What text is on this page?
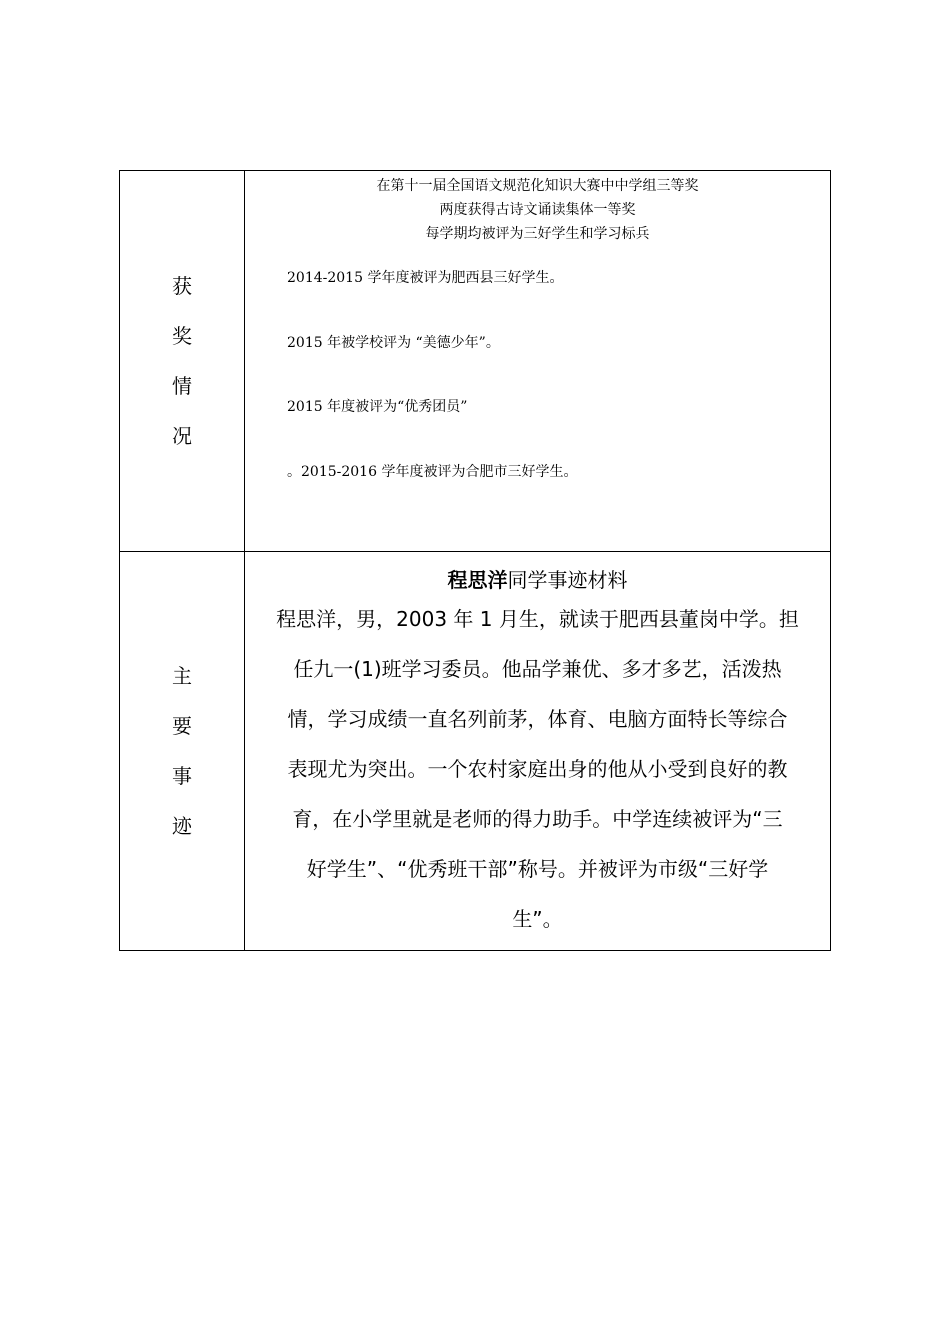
获
奖
情
况
在第十一届全国语文规范化知识大赛中中学组三等奖
两度获得古诗文诵读集体一等奖
每学期均被评为三好学生和学习标兵
2014-2015 学年度被评为肥西县三好学生。
2015 年被学校评为 “美德少年”。
2015 年度被评为“优秀团员”
。2015-2016 学年度被评为合肥市三好学生。
主
要
事
迹
程思洋同学事迹材料
程思洋，男，2003 年 1 月生，就读于肥西县董岗中学。担
任九一(1)班学习委员。他品学兼优、多才多艺，活泼热
情，学习成绩一直名列前茅，体育、电脑方面特长等综合
表现尤为突出。一个农村家庭出身的他从小受到良好的教
育，在小学里就是老师的得力助手。中学连续被评为“三
好学生”、“优秀班干部”称号。并被评为市级“三好学
生”。
